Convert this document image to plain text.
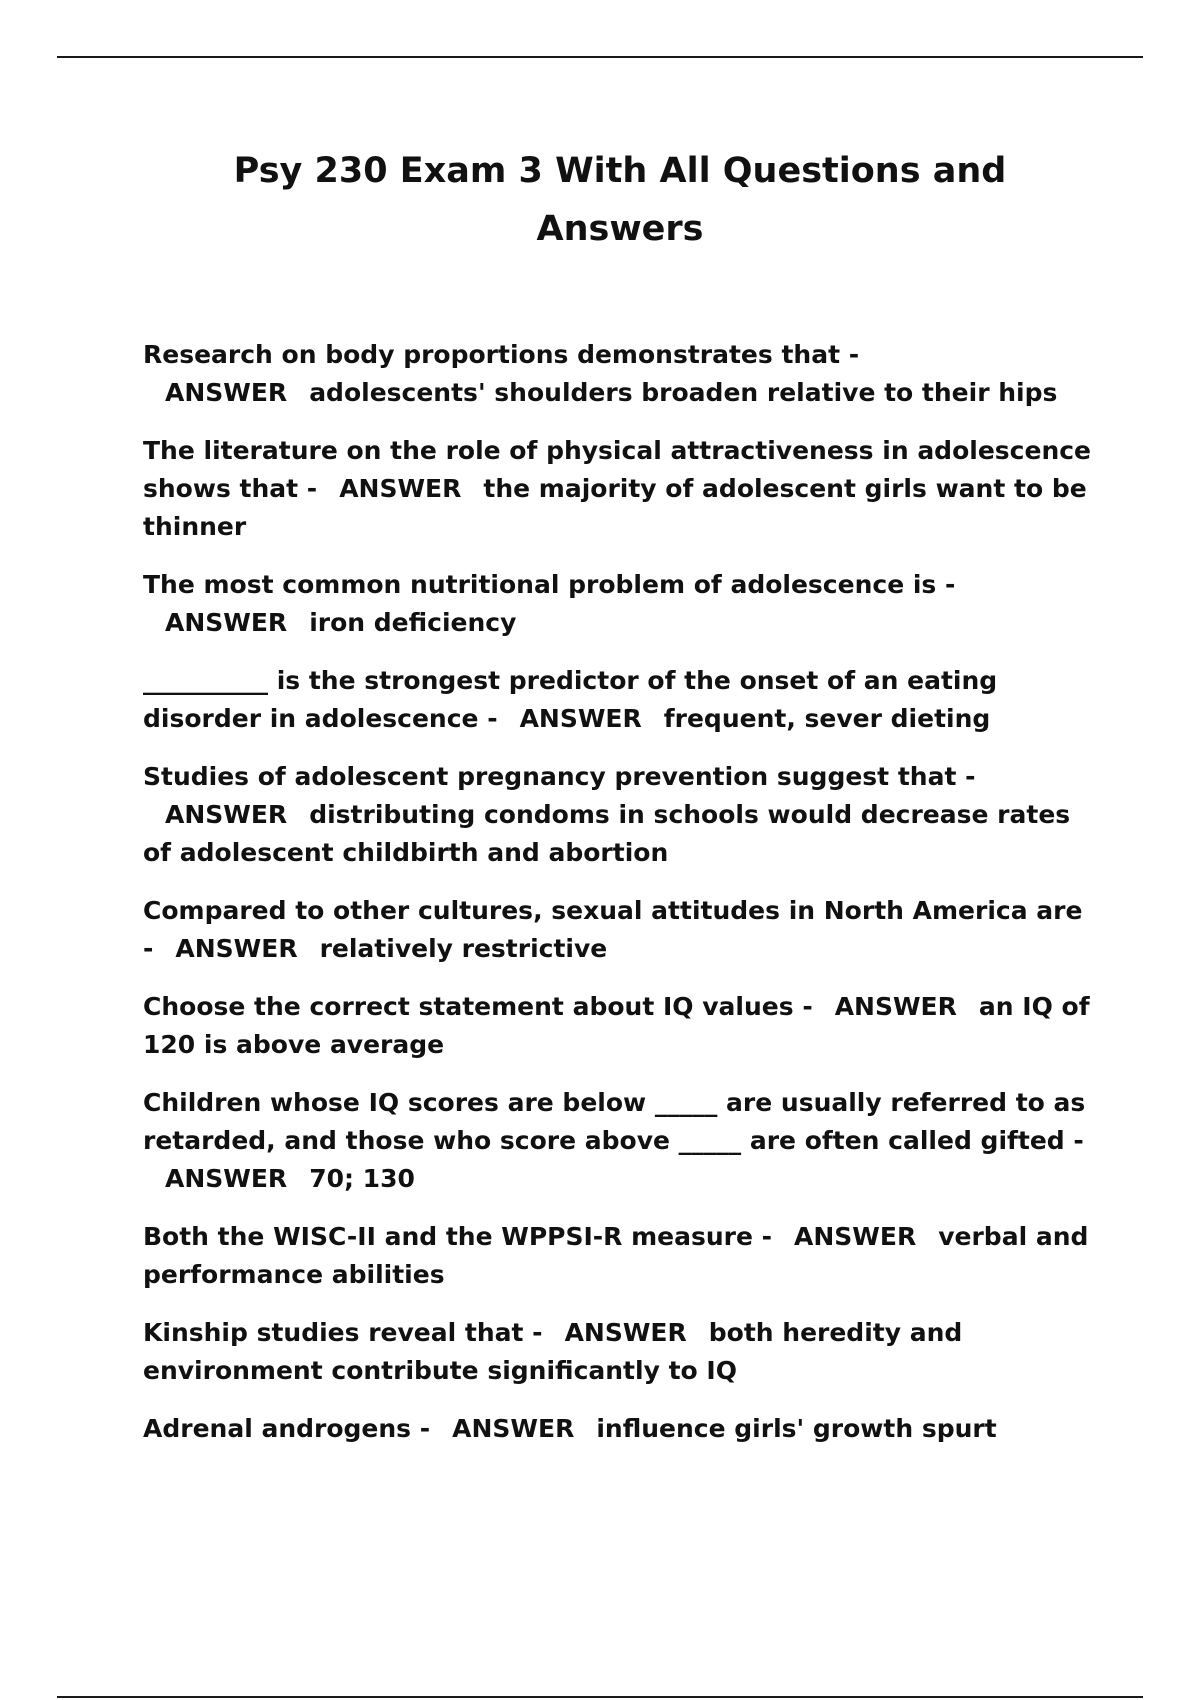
Psy 230 Exam 3 With All Questions and Answers
Research on body proportions demonstrates that -ANSWER adolescents' shoulders broaden relative to their hips
The literature on the role of physical attractiveness in adolescence shows that - ANSWER the majority of adolescent girls want to be thinner
The most common nutritional problem of adolescence is -ANSWER iron deficiency
__________ is the strongest predictor of the onset of an eating disorder in adolescence - ANSWER frequent, sever dieting
Studies of adolescent pregnancy prevention suggest that -ANSWER distributing condoms in schools would decrease rates of adolescent childbirth and abortion
Compared to other cultures, sexual attitudes in North America are - ANSWER relatively restrictive
Choose the correct statement about IQ values - ANSWER an IQ of 120 is above average
Children whose IQ scores are below _____ are usually referred to as retarded, and those who score above _____ are often called gifted -ANSWER 70; 130
Both the WISC-II and the WPPSI-R measure - ANSWER verbal and performance abilities
Kinship studies reveal that - ANSWER both heredity and environment contribute significantly to IQ
Adrenal androgens - ANSWER influence girls' growth spurt
